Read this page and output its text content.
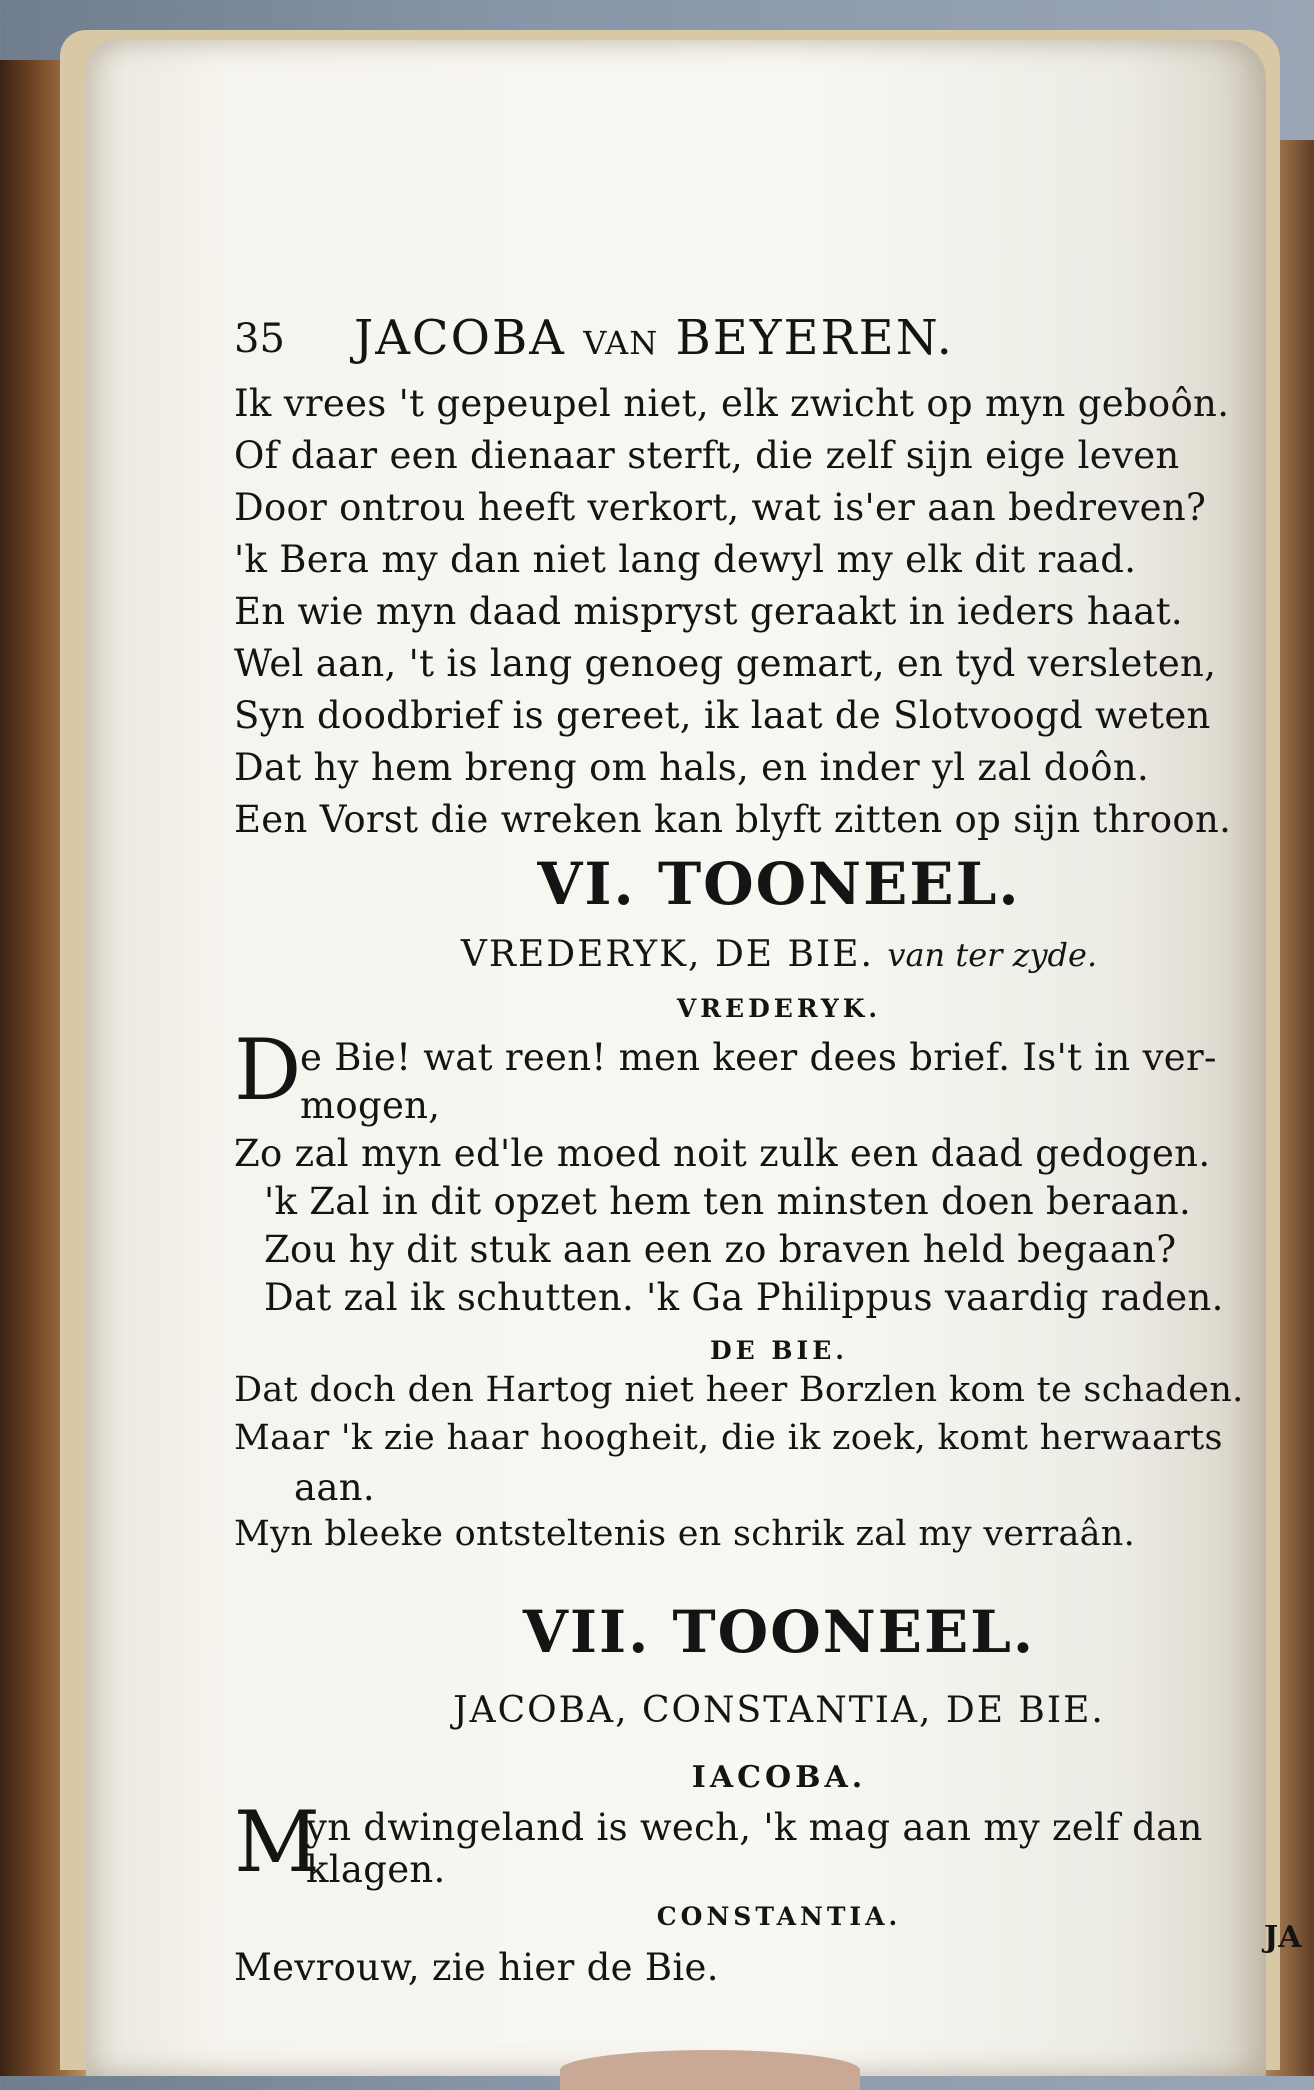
35 JACOBA VAN BEYEREN.
Ik vrees 't gepeupel niet, elk zwicht op myn geboôn.
Of daar een dienaar sterft, die zelf sijn eige leven
Door ontrou heeft verkort, wat is'er aan bedreven?
'k Bera my dan niet lang dewyl my elk dit raad.
En wie myn daad mispryst geraakt in ieders haat.
Wel aan, 't is lang genoeg gemart, en tyd versleten,
Syn doodbrief is gereet, ik laat de Slotvoogd weten
Dat hy hem breng om hals, en inder yl zal doôn.
Een Vorst die wreken kan blyft zitten op sijn throon.
VI. TOONEEL.
VREDERYK, DE BIE. van ter zyde.
VREDERYK.
D
e Bie! wat reen! men keer dees brief. Is't in ver-
mogen,
Zo zal myn ed'le moed noit zulk een daad gedogen.
'k Zal in dit opzet hem ten minsten doen beraan.
Zou hy dit stuk aan een zo braven held begaan?
Dat zal ik schutten. 'k Ga Philippus vaardig raden.
DE BIE.
Dat doch den Hartog niet heer Borzlen kom te schaden.
Maar 'k zie haar hoogheit, die ik zoek, komt herwaarts
aan.
Myn bleeke ontsteltenis en schrik zal my verraân.
VII. TOONEEL.
JACOBA, CONSTANTIA, DE BIE.
IACOBA.
M
yn dwingeland is wech, 'k mag aan my zelf dan
klagen.
CONSTANTIA.
Mevrouw, zie hier de Bie.
JA
